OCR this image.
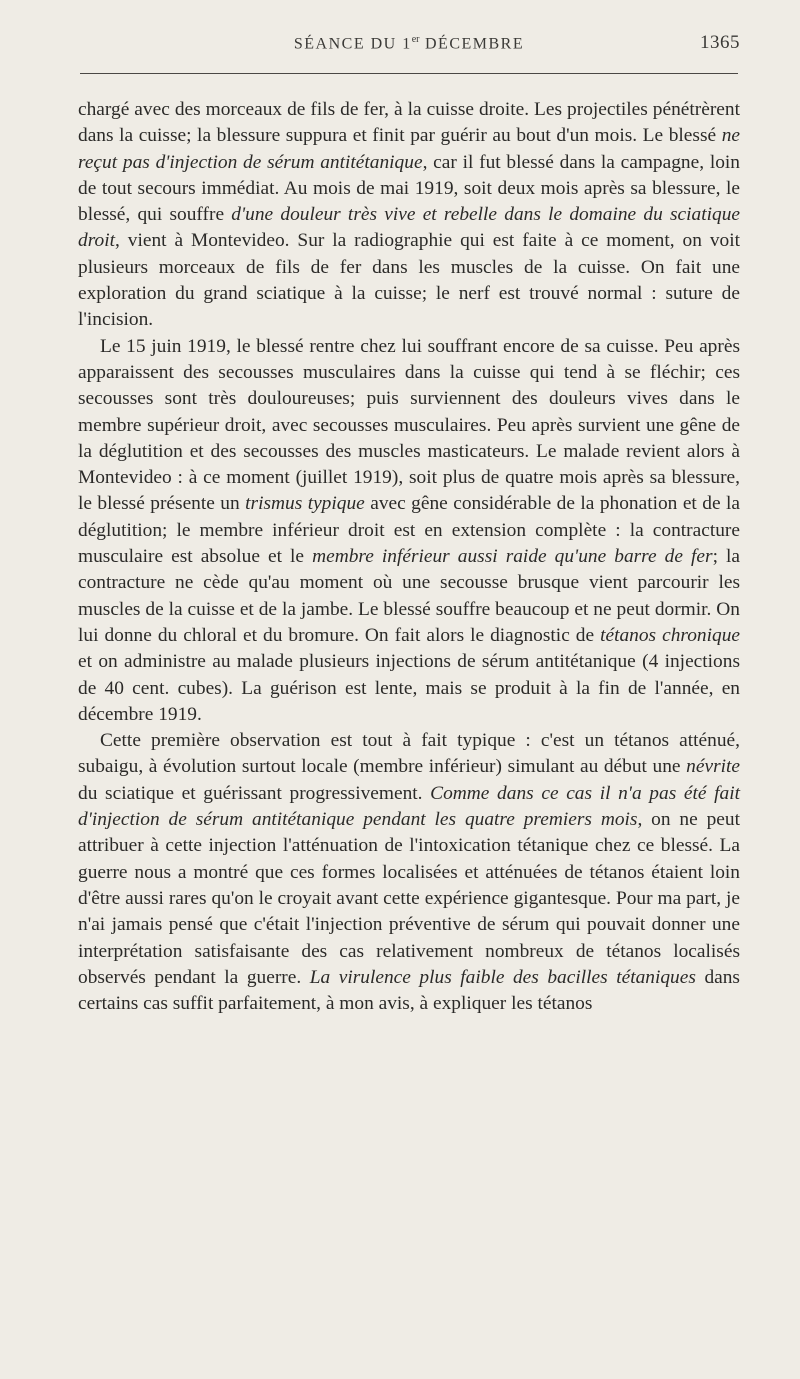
SÉANCE DU 1er DÉCEMBRE	1365

chargé avec des morceaux de fils de fer, à la cuisse droite. Les projectiles pénétrèrent dans la cuisse; la blessure suppura et finit par guérir au bout d'un mois. Le blessé ne reçut pas d'injection de sérum antitétanique, car il fut blessé dans la campagne, loin de tout secours immédiat. Au mois de mai 1919, soit deux mois après sa blessure, le blessé, qui souffre d'une douleur très vive et rebelle dans le domaine du sciatique droit, vient à Montevideo. Sur la radiographie qui est faite à ce moment, on voit plusieurs morceaux de fils de fer dans les muscles de la cuisse. On fait une exploration du grand sciatique à la cuisse; le nerf est trouvé normal : suture de l'incision.

Le 15 juin 1919, le blessé rentre chez lui souffrant encore de sa cuisse. Peu après apparaissent des secousses musculaires dans la cuisse qui tend à se fléchir; ces secousses sont très douloureuses; puis surviennent des douleurs vives dans le membre supérieur droit, avec secousses musculaires. Peu après survient une gêne de la déglutition et des secousses des muscles masticateurs. Le malade revient alors à Montevideo : à ce moment (juillet 1919), soit plus de quatre mois après sa blessure, le blessé présente un trismus typique avec gêne considérable de la phonation et de la déglutition; le membre inférieur droit est en extension complète : la contracture musculaire est absolue et le membre inférieur aussi raide qu'une barre de fer; la contracture ne cède qu'au moment où une secousse brusque vient parcourir les muscles de la cuisse et de la jambe. Le blessé souffre beaucoup et ne peut dormir. On lui donne du chloral et du bromure. On fait alors le diagnostic de tétanos chronique et on administre au malade plusieurs injections de sérum antitétanique (4 injections de 40 cent. cubes). La guérison est lente, mais se produit à la fin de l'année, en décembre 1919.

Cette première observation est tout à fait typique : c'est un tétanos atténué, subaigu, à évolution surtout locale (membre inférieur) simulant au début une névrite du sciatique et guérissant progressivement. Comme dans ce cas il n'a pas été fait d'injection de sérum antitétanique pendant les quatre premiers mois, on ne peut attribuer à cette injection l'atténuation de l'intoxication tétanique chez ce blessé. La guerre nous a montré que ces formes localisées et atténuées de tétanos étaient loin d'être aussi rares qu'on le croyait avant cette expérience gigantesque. Pour ma part, je n'ai jamais pensé que c'était l'injection préventive de sérum qui pouvait donner une interprétation satisfaisante des cas relativement nombreux de tétanos localisés observés pendant la guerre. La virulence plus faible des bacilles tétaniques dans certains cas suffit parfaitement, à mon avis, à expliquer les tétanos
